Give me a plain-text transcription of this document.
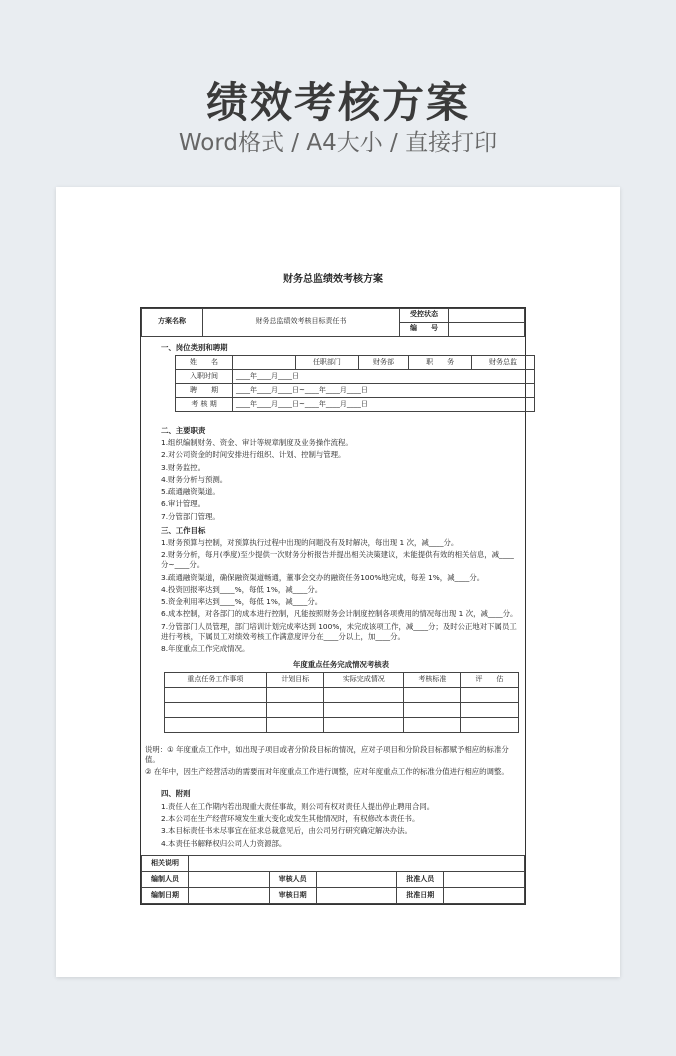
绩效考核方案
Word格式 / A4大小 / 直接打印
财务总监绩效考核方案
方案名称	财务总监绩效考核目标责任书	受控状态	
		编　　号	

一、岗位类别和聘期

姓　　名		任职部门	财务部	职　　务	财务总监
入职时间	____年____月____日				
聘　　期	____年____月____日~____年____月____日				
考 核 期	____年____月____日~____年____月____日				

二、主要职责

1.组织编制财务、资金、审计等规章制度及业务操作流程。

2.对公司资金的时间安排进行组织、计划、控制与管理。

3.财务监控。

4.财务分析与预测。

5.疏通融资渠道。

6.审计管理。

7.分管部门管理。

三、工作目标

1.财务预算与控制，对预算执行过程中出现的问题没有及时解决，每出现 1 次，减____分。

2.财务分析，每月(季度)至少提供一次财务分析报告并提出相关决策建议，未能提供有效的相关信息，减____分~____分。

3.疏通融资渠道，确保融资渠道畅通，董事会交办的融资任务100%地完成，每差 1%，减____分。

4.投资回报率达到____%，每低 1%，减____分。

5.资金利用率达到____%，每低 1%，减____分。

6.成本控制，对各部门的成本进行控制，凡能按照财务会计制度控制各项费用的情况每出现 1 次，减____分。

7.分管部门人员管理，部门培训计划完成率达到 100%，未完成该项工作，减____分；及时公正地对下属员工进行考核，下属员工对绩效考核工作满意度评分在____分以上，加____分。

8.年度重点工作完成情况。

年度重点任务完成情况考核表
重点任务工作事项	计划目标	实际完成情况	考核标准	评　　估

说明：① 年度重点工作中，如出现子项目或者分阶段目标的情况，应对子项目和分阶段目标都赋予相应的标准分值。

② 在年中，因生产经营活动的需要而对年度重点工作进行调整，应对年度重点工作的标准分值进行相应的调整。

四、附则

1.责任人在工作期内若出现重大责任事故，则公司有权对责任人提出停止聘用合同。

2.本公司在生产经营环境发生重大变化或发生其他情况时，有权修改本责任书。

3.本目标责任书未尽事宜在征求总裁意见后，由公司另行研究确定解决办法。

4.本责任书解释权归公司人力资源部。

相关说明					
编制人员		审核人员		批准人员	
编制日期		审核日期		批准日期	
